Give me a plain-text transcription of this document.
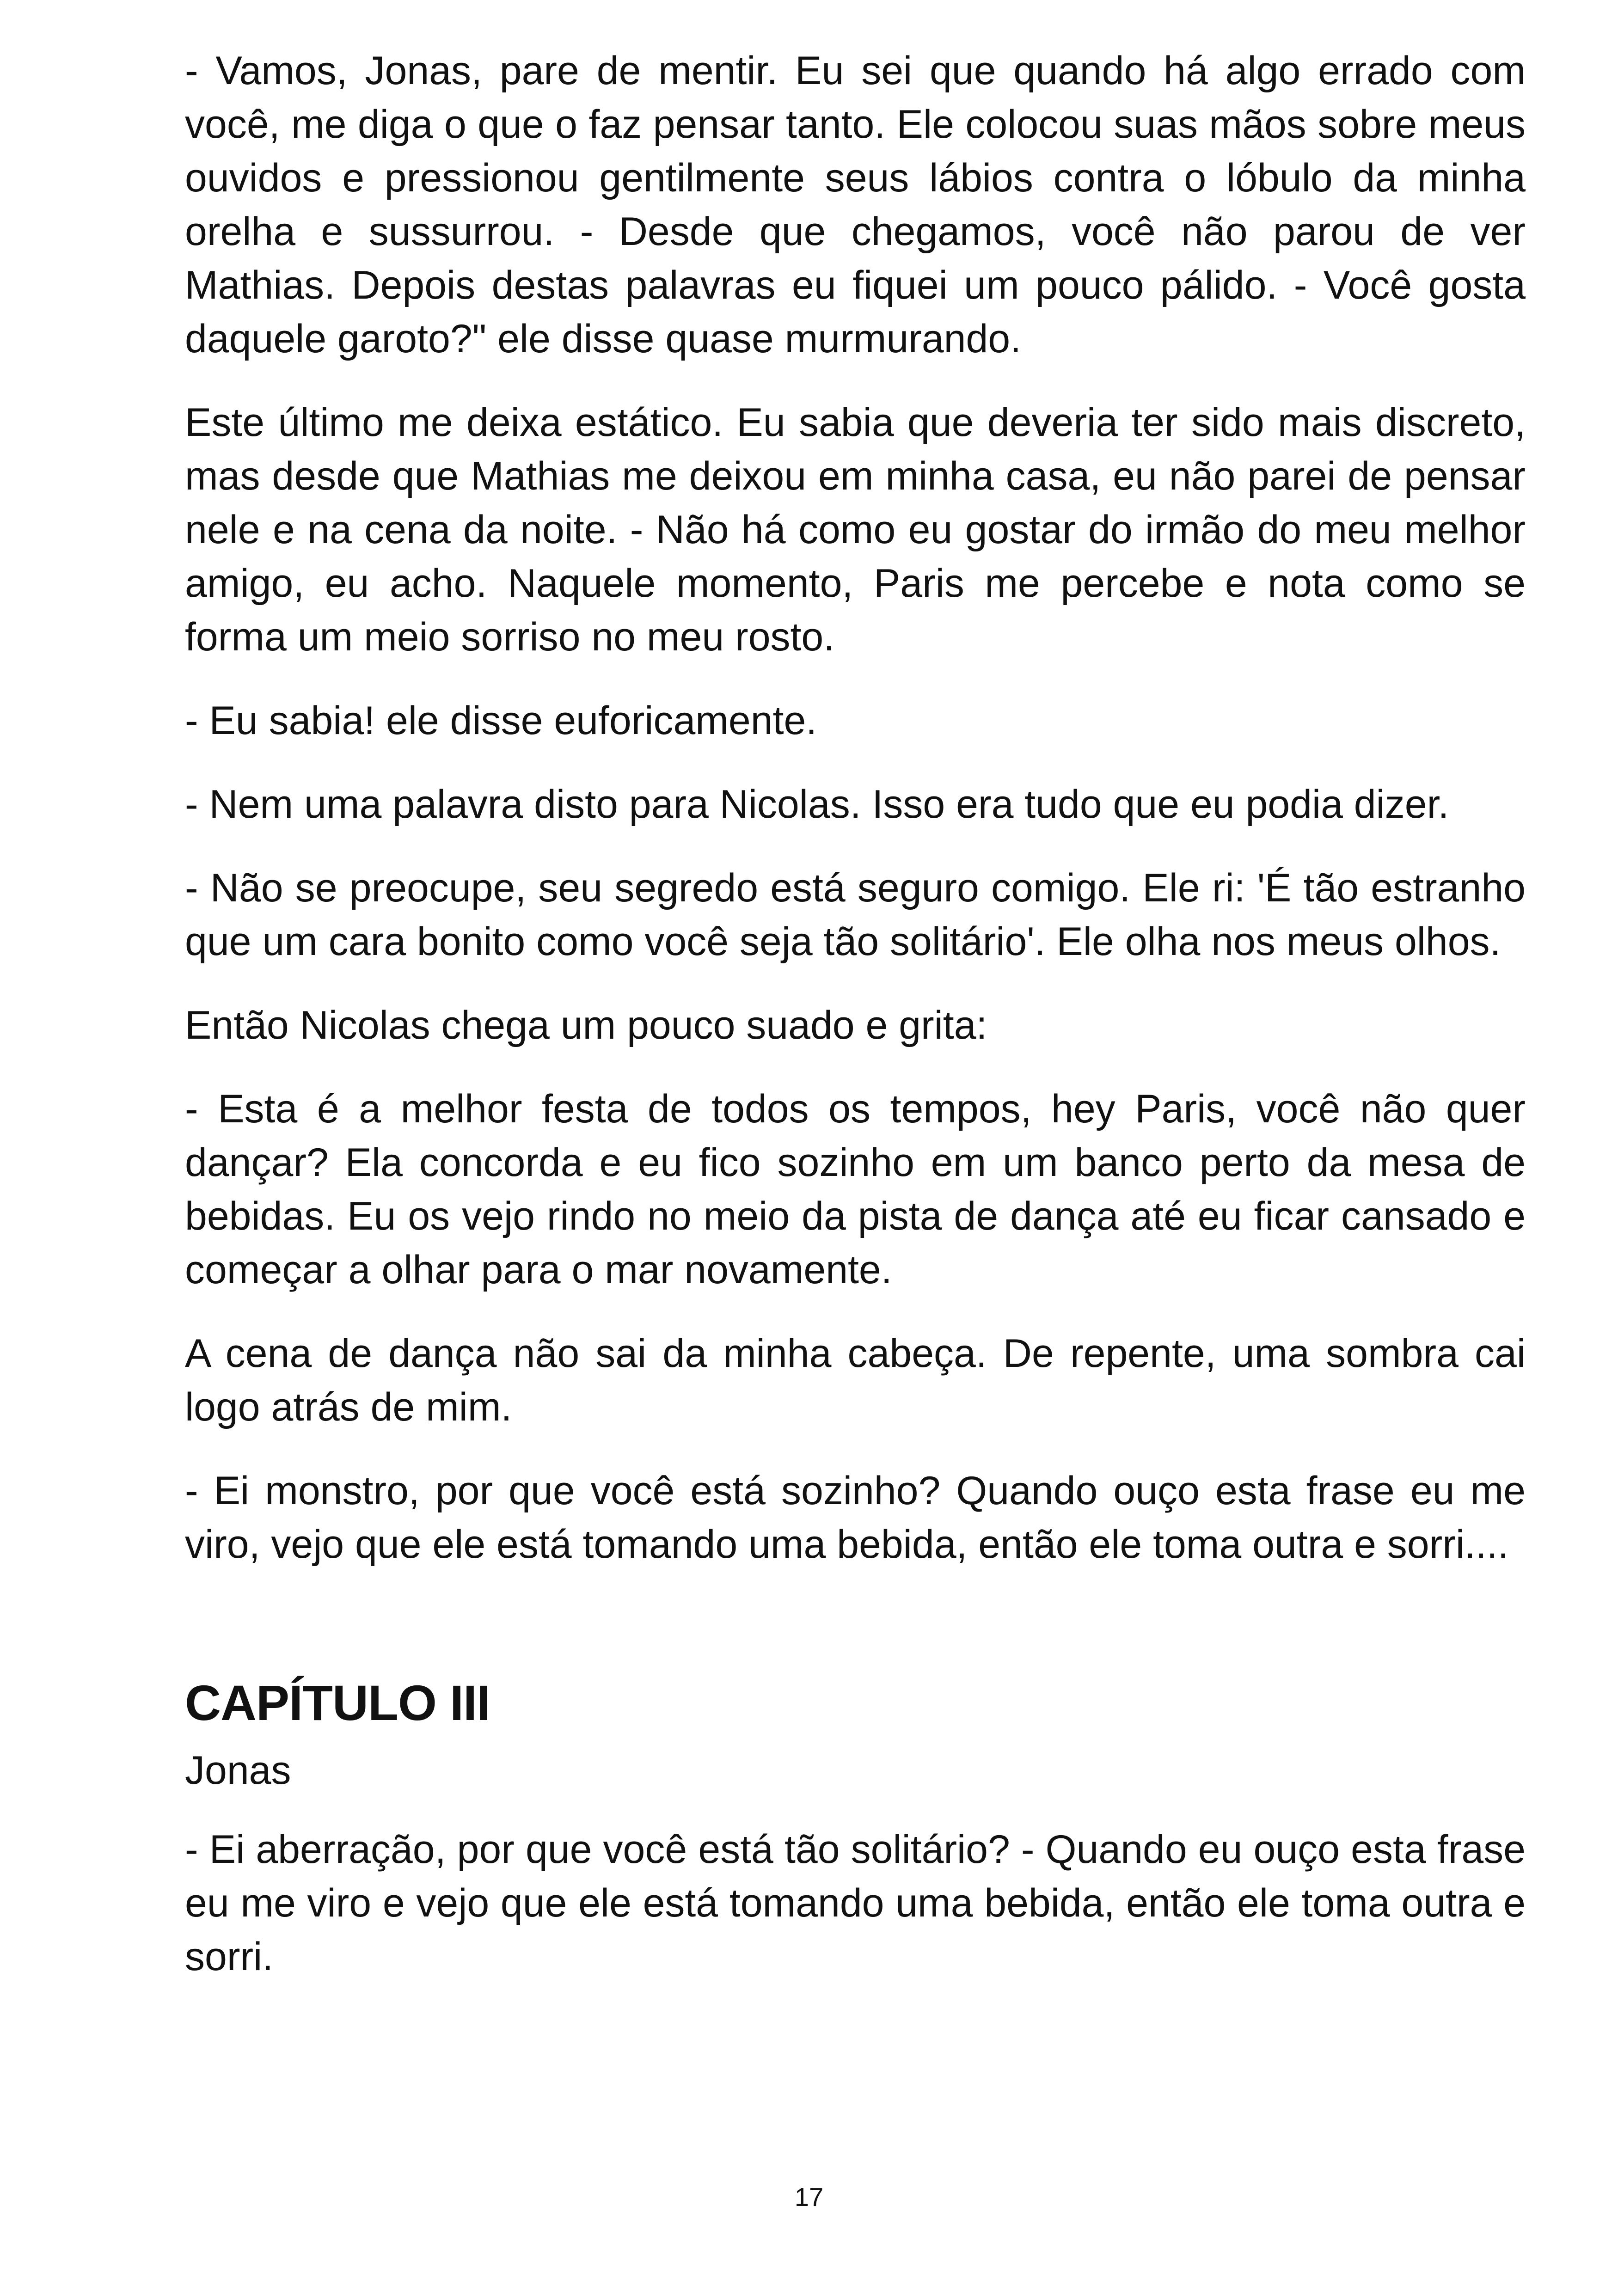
- Vamos, Jonas, pare de mentir. Eu sei que quando há algo errado com você, me diga o que o faz pensar tanto. Ele colocou suas mãos sobre meus ouvidos e pressionou gentilmente seus lábios contra o lóbulo da minha orelha e sussurrou. - Desde que chegamos, você não parou de ver Mathias. Depois destas palavras eu fiquei um pouco pálido. - Você gosta daquele garoto?" ele disse quase murmurando.

Este último me deixa estático. Eu sabia que deveria ter sido mais discreto, mas desde que Mathias me deixou em minha casa, eu não parei de pensar nele e na cena da noite. - Não há como eu gostar do irmão do meu melhor amigo, eu acho. Naquele momento, Paris me percebe e nota como se forma um meio sorriso no meu rosto.

- Eu sabia! ele disse euforicamente.

- Nem uma palavra disto para Nicolas. Isso era tudo que eu podia dizer.

- Não se preocupe, seu segredo está seguro comigo. Ele ri: 'É tão estranho que um cara bonito como você seja tão solitário'. Ele olha nos meus olhos.

Então Nicolas chega um pouco suado e grita:

- Esta é a melhor festa de todos os tempos, hey Paris, você não quer dançar? Ela concorda e eu fico sozinho em um banco perto da mesa de bebidas. Eu os vejo rindo no meio da pista de dança até eu ficar cansado e começar a olhar para o mar novamente.

A cena de dança não sai da minha cabeça. De repente, uma sombra cai logo atrás de mim.

- Ei monstro, por que você está sozinho? Quando ouço esta frase eu me viro, vejo que ele está tomando uma bebida, então ele toma outra e sorri....

CAPÍTULO III
Jonas

- Ei aberração, por que você está tão solitário? - Quando eu ouço esta frase eu me viro e vejo que ele está tomando uma bebida, então ele toma outra e sorri.

17
